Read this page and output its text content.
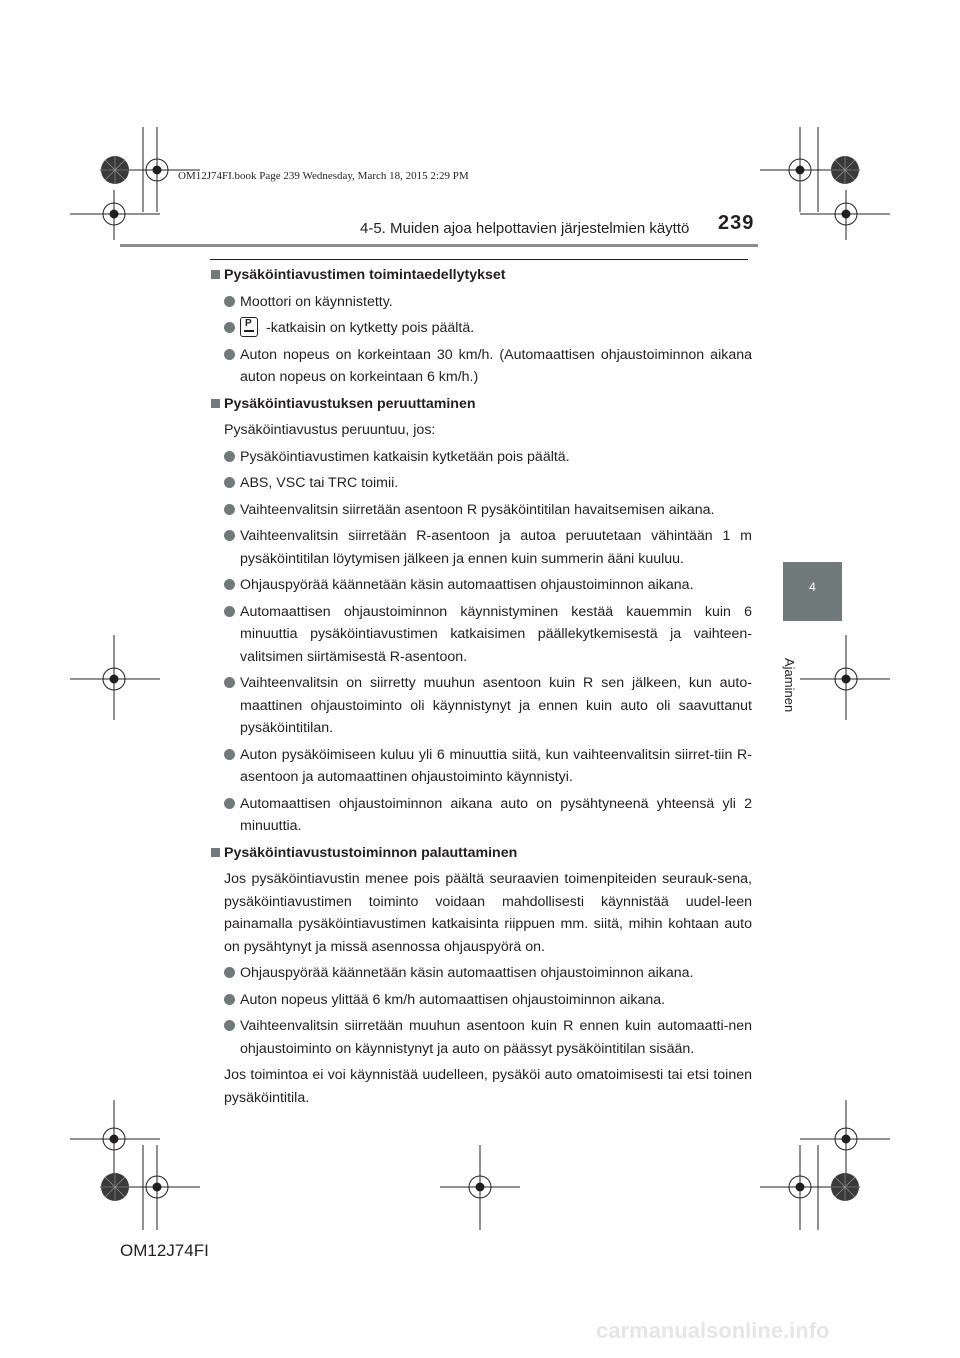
OM12J74FI.book Page 239 Wednesday, March 18, 2015 2:29 PM
4-5. Muiden ajoa helpottavien järjestelmien käyttö 239
4
Ajaminen
Pysäköintiavustimen toimintaedellytykset
Moottori on käynnistetty.
P-katkaisin on kytketty pois päältä.
Auton nopeus on korkeintaan 30 km/h. (Automaattisen ohjaustoiminnon aikana auton nopeus on korkeintaan 6 km/h.)
Pysäköintiavustuksen peruuttaminen
Pysäköintiavustus peruuntuu, jos:
Pysäköintiavustimen katkaisin kytketään pois päältä.
ABS, VSC tai TRC toimii.
Vaihteenvalitsin siirretään asentoon R pysäköintitilan havaitsemisen aikana.
Vaihteenvalitsin siirretään R-asentoon ja autoa peruutetaan vähintään 1 m pysäköintitilan löytymisen jälkeen ja ennen kuin summerin ääni kuuluu.
Ohjauspyörää käännetään käsin automaattisen ohjaustoiminnon aikana.
Automaattisen ohjaustoiminnon käynnistyminen kestää kauemmin kuin 6 minuuttia pysäköintiavustimen katkaisimen päällekytkemisestä ja vaihteen-valitsimen siirtämisestä R-asentoon.
Vaihteenvalitsin on siirretty muuhun asentoon kuin R sen jälkeen, kun auto-maattinen ohjaustoiminto oli käynnistynyt ja ennen kuin auto oli saavuttanut pysäköintitilan.
Auton pysäköimiseen kuluu yli 6 minuuttia siitä, kun vaihteenvalitsin siirret-tiin R-asentoon ja automaattinen ohjaustoiminto käynnistyi.
Automaattisen ohjaustoiminnon aikana auto on pysähtyneenä yhteensä yli 2 minuuttia.
Pysäköintiavustustoiminnon palauttaminen
Jos pysäköintiavustin menee pois päältä seuraavien toimenpiteiden seurauk-sena, pysäköintiavustimen toiminto voidaan mahdollisesti käynnistää uudel-leen painamalla pysäköintiavustimen katkaisinta riippuen mm. siitä, mihin kohtaan auto on pysähtynyt ja missä asennossa ohjauspyörä on.
Ohjauspyörää käännetään käsin automaattisen ohjaustoiminnon aikana.
Auton nopeus ylittää 6 km/h automaattisen ohjaustoiminnon aikana.
Vaihteenvalitsin siirretään muuhun asentoon kuin R ennen kuin automaatti-nen ohjaustoiminto on käynnistynyt ja auto on päässyt pysäköintitilan sisään.
Jos toimintoa ei voi käynnistää uudelleen, pysäköi auto omatoimisesti tai etsi toinen pysäköintitila.
OM12J74FI
carmanualsonline.info
